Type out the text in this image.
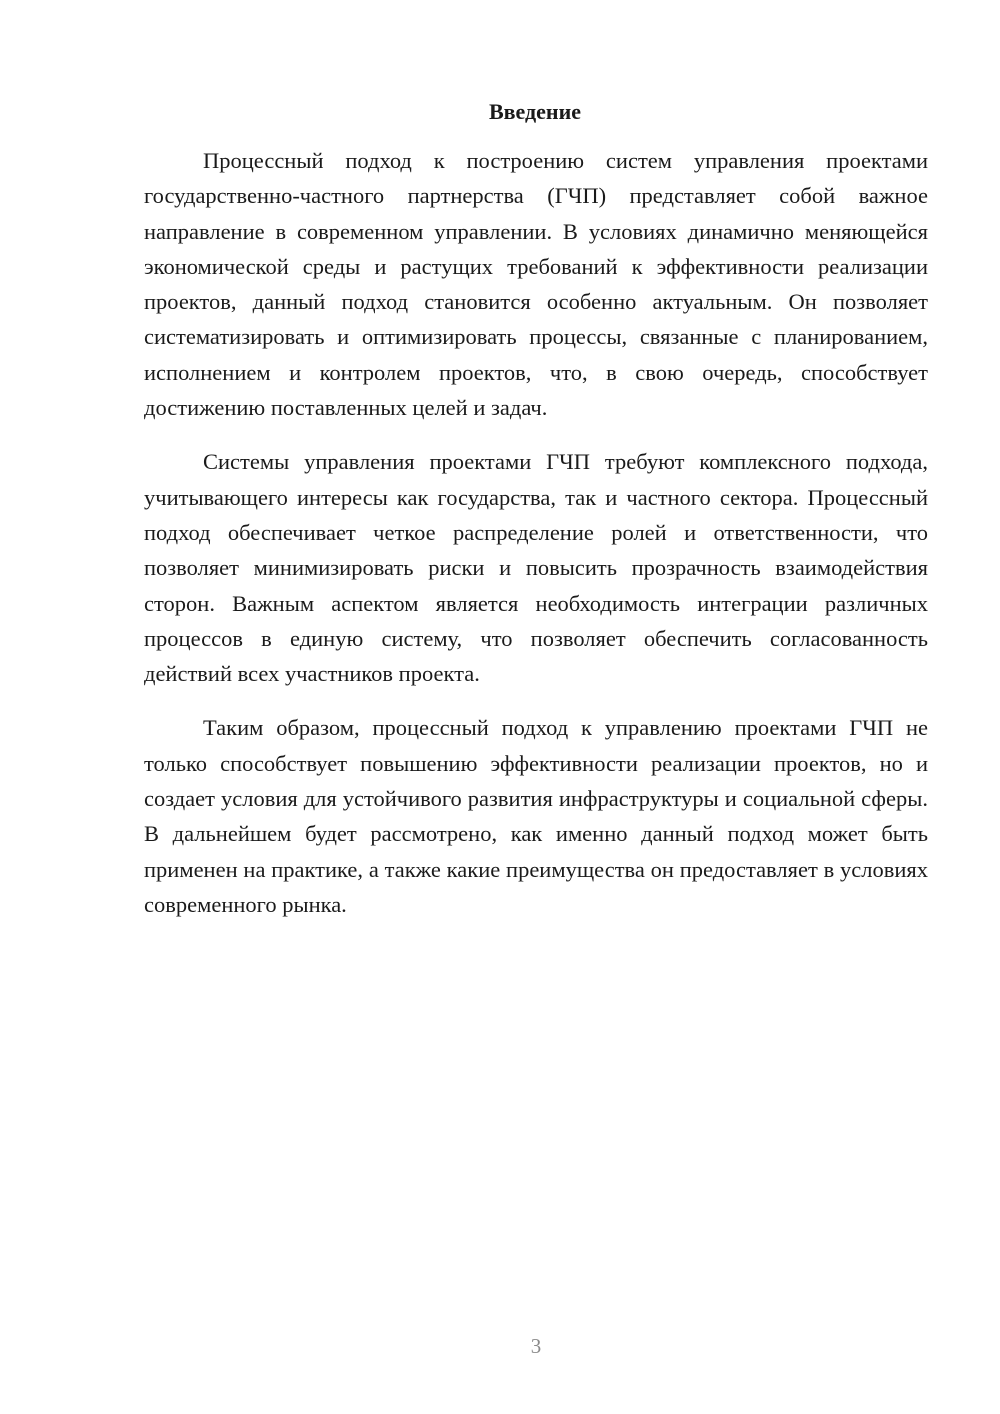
Введение

Процессный подход к построению систем управления проектами государственно-частного партнерства (ГЧП) представляет собой важное направление в современном управлении. В условиях динамично меняющейся экономической среды и растущих требований к эффективности реализации проектов, данный подход становится особенно актуальным. Он позволяет систематизировать и оптимизировать процессы, связанные с планированием, исполнением и контролем проектов, что, в свою очередь, способствует достижению поставленных целей и задач.

Системы управления проектами ГЧП требуют комплексного подхода, учитывающего интересы как государства, так и частного сектора. Процессный подход обеспечивает четкое распределение ролей и ответственности, что позволяет минимизировать риски и повысить прозрачность взаимодействия сторон. Важным аспектом является необходимость интеграции различных процессов в единую систему, что позволяет обеспечить согласованность действий всех участников проекта.

Таким образом, процессный подход к управлению проектами ГЧП не только способствует повышению эффективности реализации проектов, но и создает условия для устойчивого развития инфраструктуры и социальной сферы. В дальнейшем будет рассмотрено, как именно данный подход может быть применен на практике, а также какие преимущества он предоставляет в условиях современного рынка.

3
